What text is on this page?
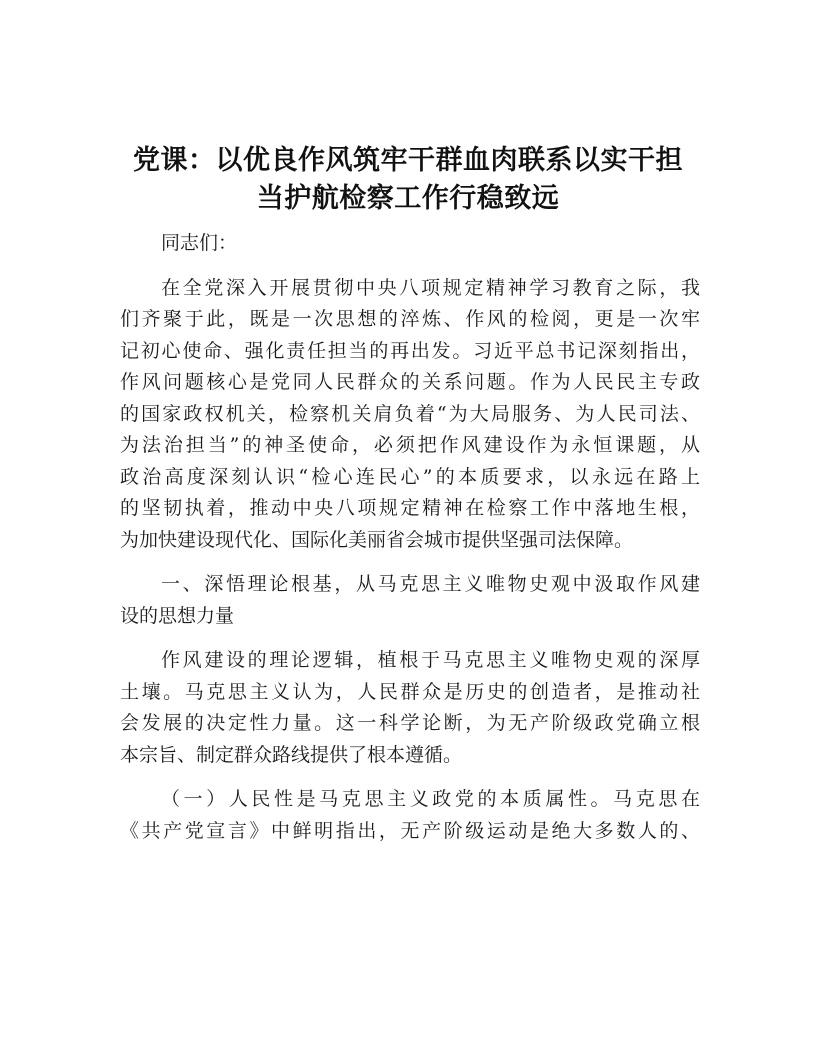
党课：以优良作风筑牢干群血肉联系以实干担
当护航检察工作行稳致远

同志们：

在全党深入开展贯彻中央八项规定精神学习教育之际，我
们齐聚于此，既是一次思想的淬炼、作风的检阅，更是一次牢
记初心使命、强化责任担当的再出发。习近平总书记深刻指出，
作风问题核心是党同人民群众的关系问题。作为人民民主专政
的国家政权机关，检察机关肩负着“为大局服务、为人民司法、
为法治担当”的神圣使命，必须把作风建设作为永恒课题，从
政治高度深刻认识“检心连民心”的本质要求，以永远在路上
的坚韧执着，推动中央八项规定精神在检察工作中落地生根，
为加快建设现代化、国际化美丽省会城市提供坚强司法保障。

一、深悟理论根基，从马克思主义唯物史观中汲取作风建
设的思想力量

作风建设的理论逻辑，植根于马克思主义唯物史观的深厚
土壤。马克思主义认为，人民群众是历史的创造者，是推动社
会发展的决定性力量。这一科学论断，为无产阶级政党确立根
本宗旨、制定群众路线提供了根本遵循。

（一）人民性是马克思主义政党的本质属性。马克思在
《共产党宣言》中鲜明指出，无产阶级运动是绝大多数人的、
